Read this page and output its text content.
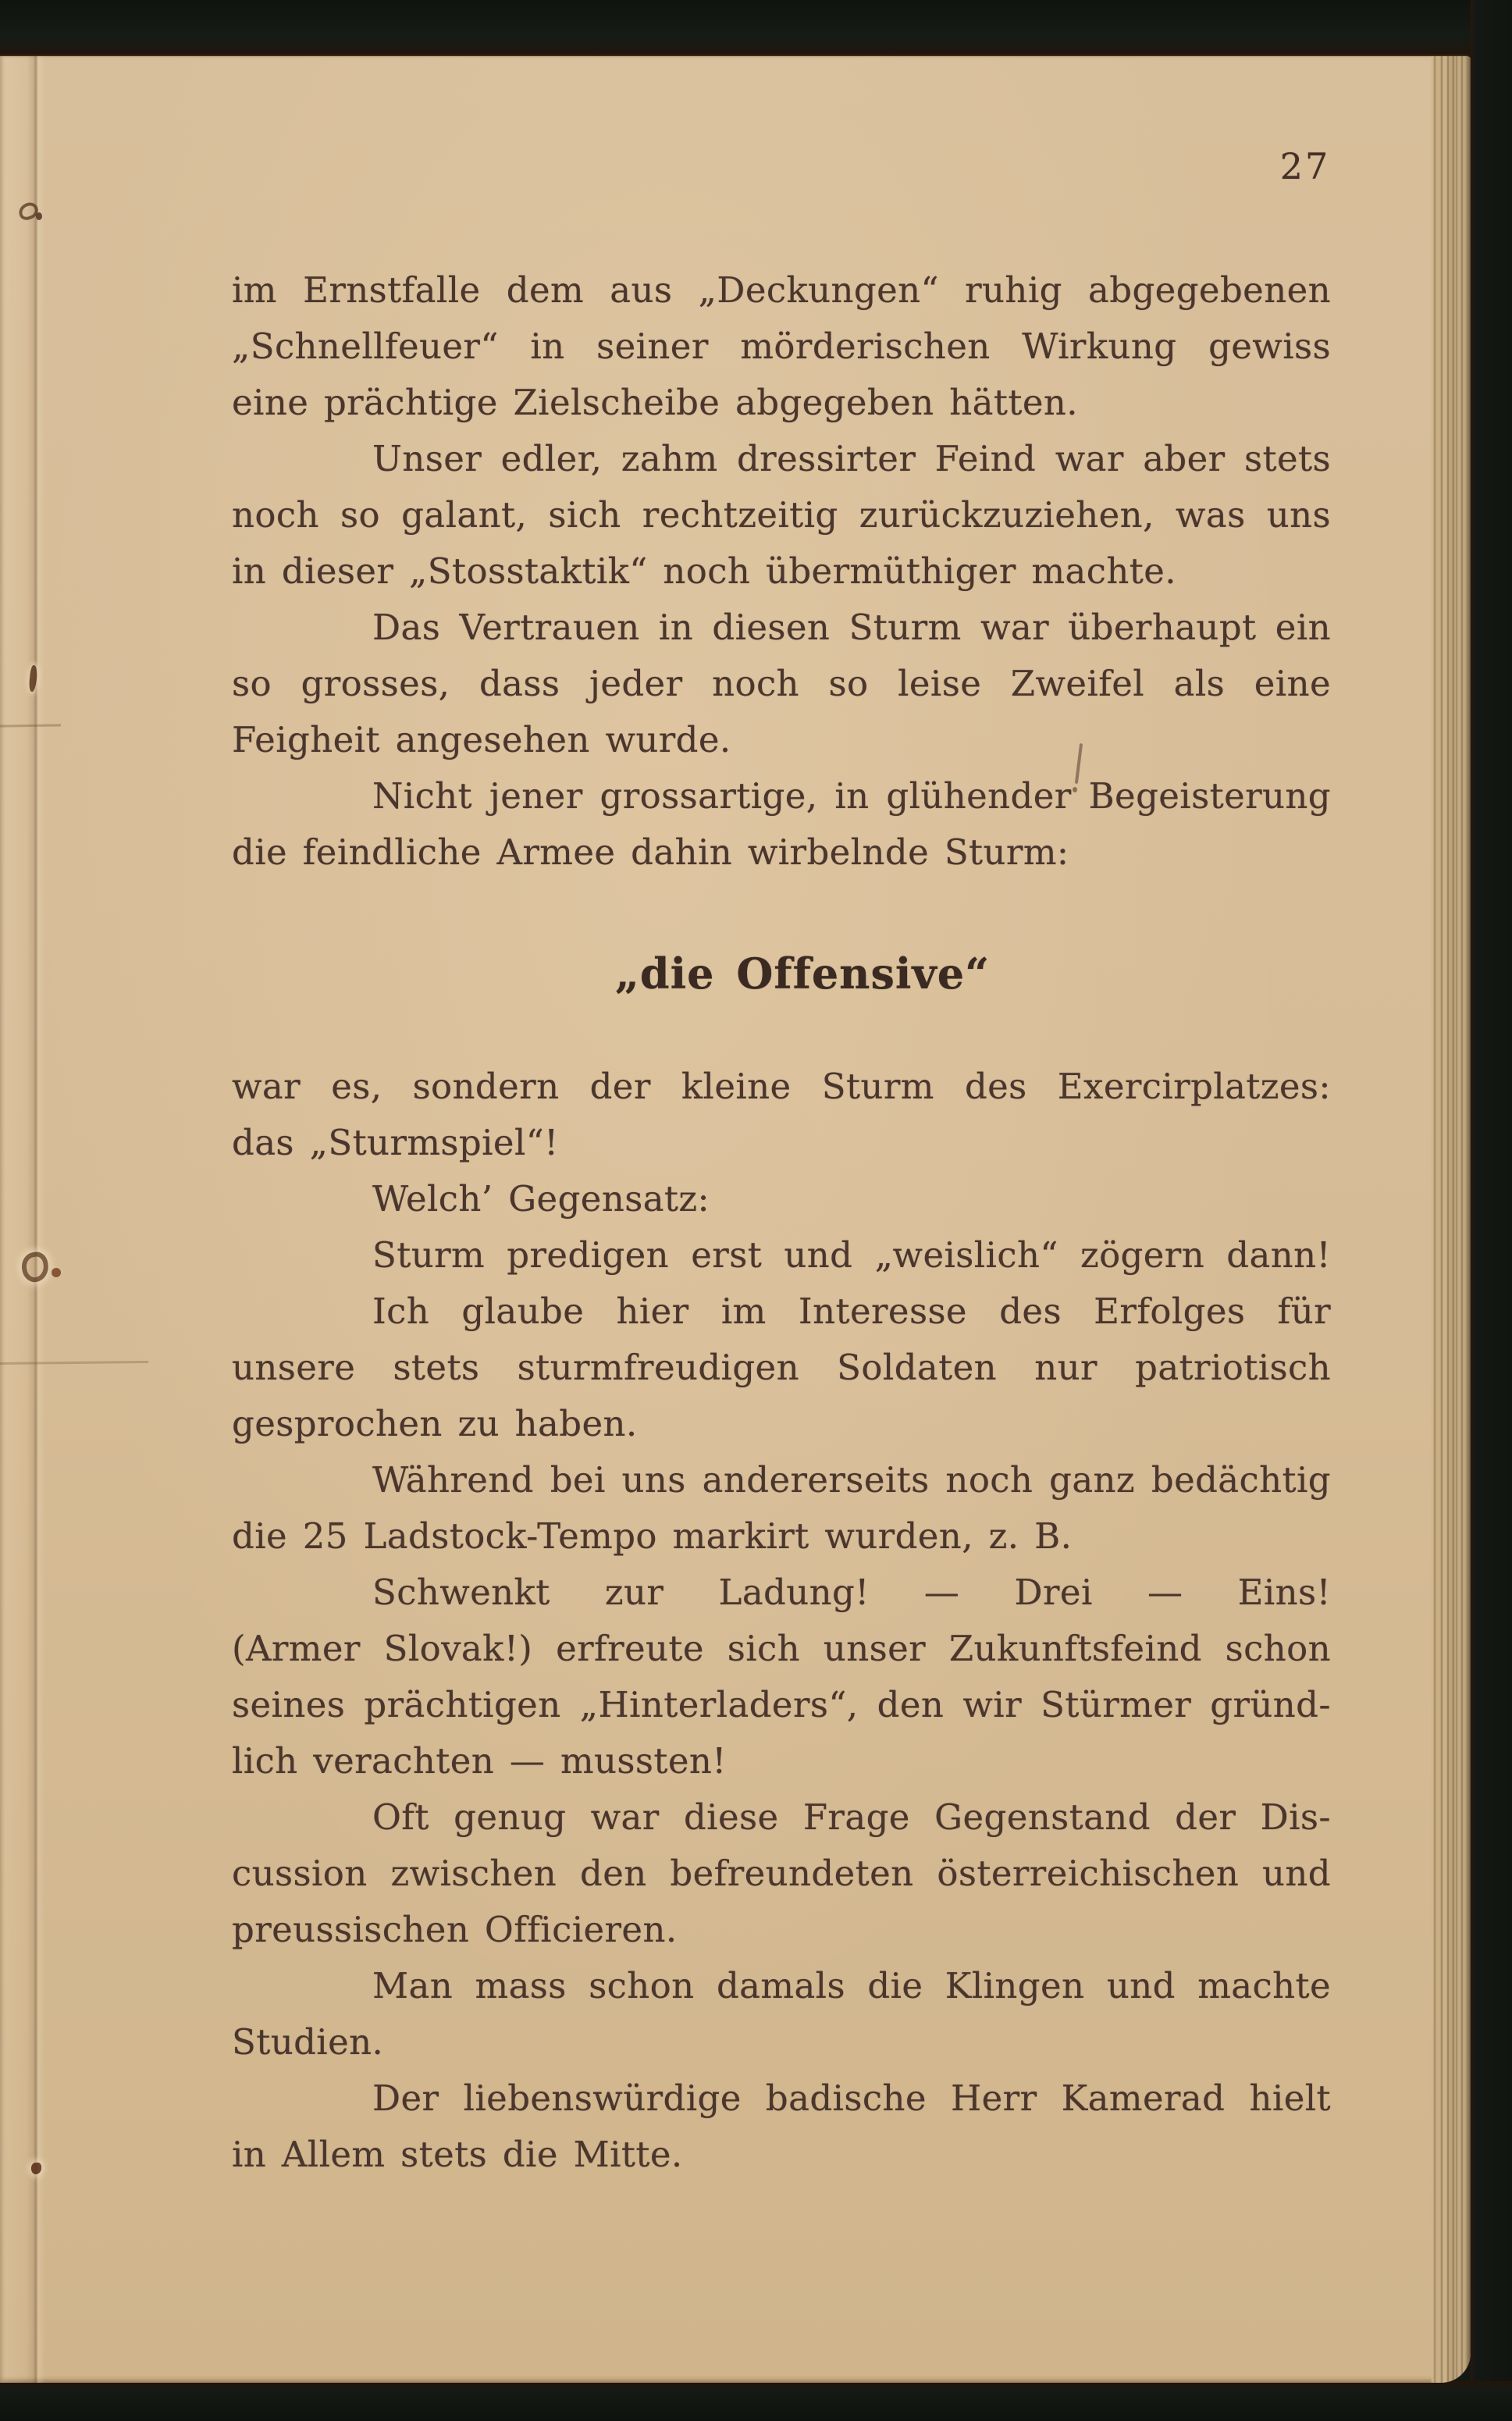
27
im Ernstfalle dem aus „Deckungen“ ruhig abgegebenen
„Schnellfeuer“ in seiner mörderischen Wirkung gewiss
eine prächtige Zielscheibe abgegeben hätten.
Unser edler, zahm dressirter Feind war aber stets
noch so galant, sich rechtzeitig zurückzuziehen, was uns
in dieser „Stosstaktik“ noch übermüthiger machte.
Das Vertrauen in diesen Sturm war überhaupt ein
so grosses, dass jeder noch so leise Zweifel als eine
Feigheit angesehen wurde.
Nicht jener grossartige, in glühender Begeisterung
die feindliche Armee dahin wirbelnde Sturm:
„die Offensive“
war es, sondern der kleine Sturm des Exercirplatzes:
das „Sturmspiel“!
Welch’ Gegensatz:
Sturm predigen erst und „weislich“ zögern dann!
Ich glaube hier im Interesse des Erfolges für
unsere stets sturmfreudigen Soldaten nur patriotisch
gesprochen zu haben.
Während bei uns andererseits noch ganz bedächtig
die 25 Ladstock-Tempo markirt wurden, z. B.
Schwenkt zur Ladung! — Drei — Eins!
(Armer Slovak!) erfreute sich unser Zukunftsfeind schon
seines prächtigen „Hinterladers“, den wir Stürmer gründ-
lich verachten — mussten!
Oft genug war diese Frage Gegenstand der Dis-
cussion zwischen den befreundeten österreichischen und
preussischen Officieren.
Man mass schon damals die Klingen und machte
Studien.
Der liebenswürdige badische Herr Kamerad hielt
in Allem stets die Mitte.
